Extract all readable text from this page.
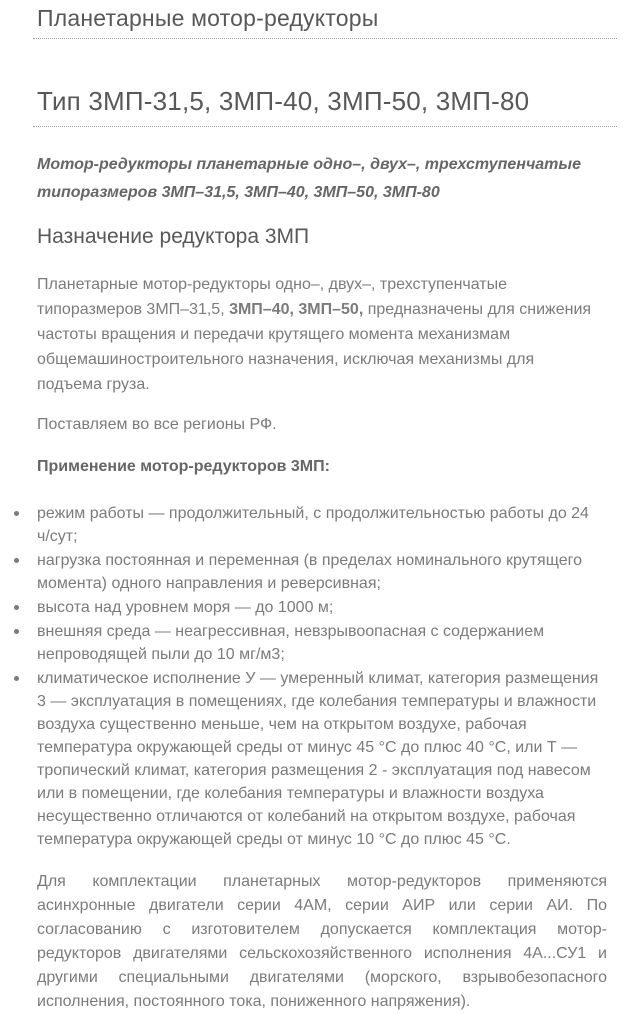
Планетарные мотор-редукторы
Тип 3МП-31,5, 3МП-40, 3МП-50, 3МП-80

Мотор-редукторы планетарные одно–, двух–, трехступенчатые типоразмеров 3МП–31,5, 3МП–40, 3МП–50, 3МП-80

Назначение редуктора 3МП

Планетарные мотор-редукторы одно–, двух–, трехступенчатые типоразмеров 3МП–31,5, 3МП–40, 3МП–50, предназначены для снижения частоты вращения и передачи крутящего момента механизмам общемашиностроительного назначения, исключая механизмы для подъема груза.

Поставляем во все регионы РФ.

Применение мотор-редукторов 3МП:

режим работы — продолжительный, с продолжительностью работы до 24 ч/сут;
нагрузка постоянная и переменная (в пределах номинального крутящего момента) одного направления и реверсивная;
высота над уровнем моря — до 1000 м;
внешняя среда — неагрессивная, невзрывоопасная с содержанием непроводящей пыли до 10 мг/м3;
климатическое исполнение У — умеренный климат, категория размещения 3 — эксплуатация в помещениях, где колебания температуры и влажности воздуха существенно меньше, чем на открытом воздухе, рабочая температура окружающей среды от минус 45 °С до плюс 40 °С, или Т — тропический климат, категория размещения 2 - эксплуатация под навесом или в помещении, где колебания температуры и влажности воздуха несущественно отличаются от колебаний на открытом воздухе, рабочая температура окружающей среды от минус 10 °С до плюс 45 °С.

Для комплектации планетарных мотор-редукторов применяются асинхронные двигатели серии 4АМ, серии АИР или серии АИ. По согласованию с изготовителем допускается комплектация мотор-редукторов двигателями сельскохозяйственного исполнения 4А...СУ1 и другими специальными двигателями (морского, взрывобезопасного исполнения, постоянного тока, пониженного напряжения).
